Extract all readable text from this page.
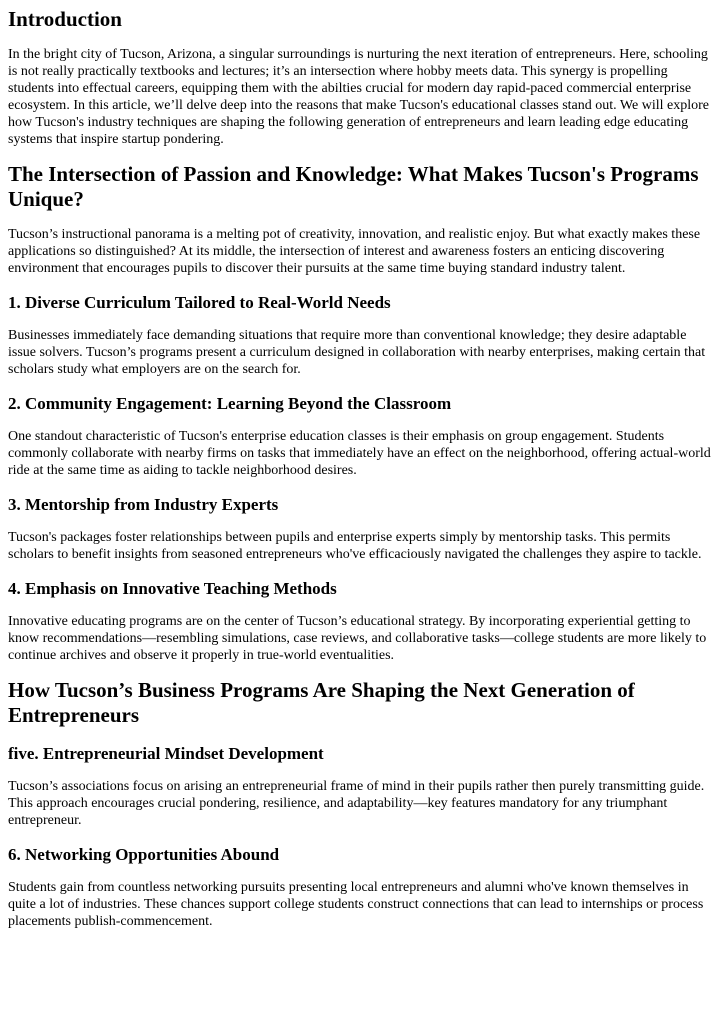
Introduction

In the bright city of Tucson, Arizona, a singular surroundings is nurturing the next iteration of entrepreneurs. Here, schooling is not really practically textbooks and lectures; it’s an intersection where hobby meets data. This synergy is propelling students into effectual careers, equipping them with the abilties crucial for modern day rapid-paced commercial enterprise ecosystem. In this article, we’ll delve deep into the reasons that make Tucson's educational classes stand out. We will explore how Tucson's industry techniques are shaping the following generation of entrepreneurs and learn leading edge educating systems that inspire startup pondering.

The Intersection of Passion and Knowledge: What Makes Tucson's Programs Unique?

Tucson’s instructional panorama is a melting pot of creativity, innovation, and realistic enjoy. But what exactly makes these applications so distinguished? At its middle, the intersection of interest and awareness fosters an enticing discovering environment that encourages pupils to discover their pursuits at the same time buying standard industry talent.

1. Diverse Curriculum Tailored to Real-World Needs

Businesses immediately face demanding situations that require more than conventional knowledge; they desire adaptable issue solvers. Tucson’s programs present a curriculum designed in collaboration with nearby enterprises, making certain that scholars study what employers are on the search for.

2. Community Engagement: Learning Beyond the Classroom

One standout characteristic of Tucson's enterprise education classes is their emphasis on group engagement. Students commonly collaborate with nearby firms on tasks that immediately have an effect on the neighborhood, offering actual-world ride at the same time as aiding to tackle neighborhood desires.

3. Mentorship from Industry Experts

Tucson's packages foster relationships between pupils and enterprise experts simply by mentorship tasks. This permits scholars to benefit insights from seasoned entrepreneurs who've efficaciously navigated the challenges they aspire to tackle.

4. Emphasis on Innovative Teaching Methods

Innovative educating programs are on the center of Tucson’s educational strategy. By incorporating experiential getting to know recommendations—resembling simulations, case reviews, and collaborative tasks—college students are more likely to continue archives and observe it properly in true-world eventualities.

How Tucson’s Business Programs Are Shaping the Next Generation of Entrepreneurs
five. Entrepreneurial Mindset Development

Tucson’s associations focus on arising an entrepreneurial frame of mind in their pupils rather then purely transmitting guide. This approach encourages crucial pondering, resilience, and adaptability—key features mandatory for any triumphant entrepreneur.

6. Networking Opportunities Abound

Students gain from countless networking pursuits presenting local entrepreneurs and alumni who've known themselves in quite a lot of industries. These chances support college students construct connections that can lead to internships or process placements publish-commencement.
